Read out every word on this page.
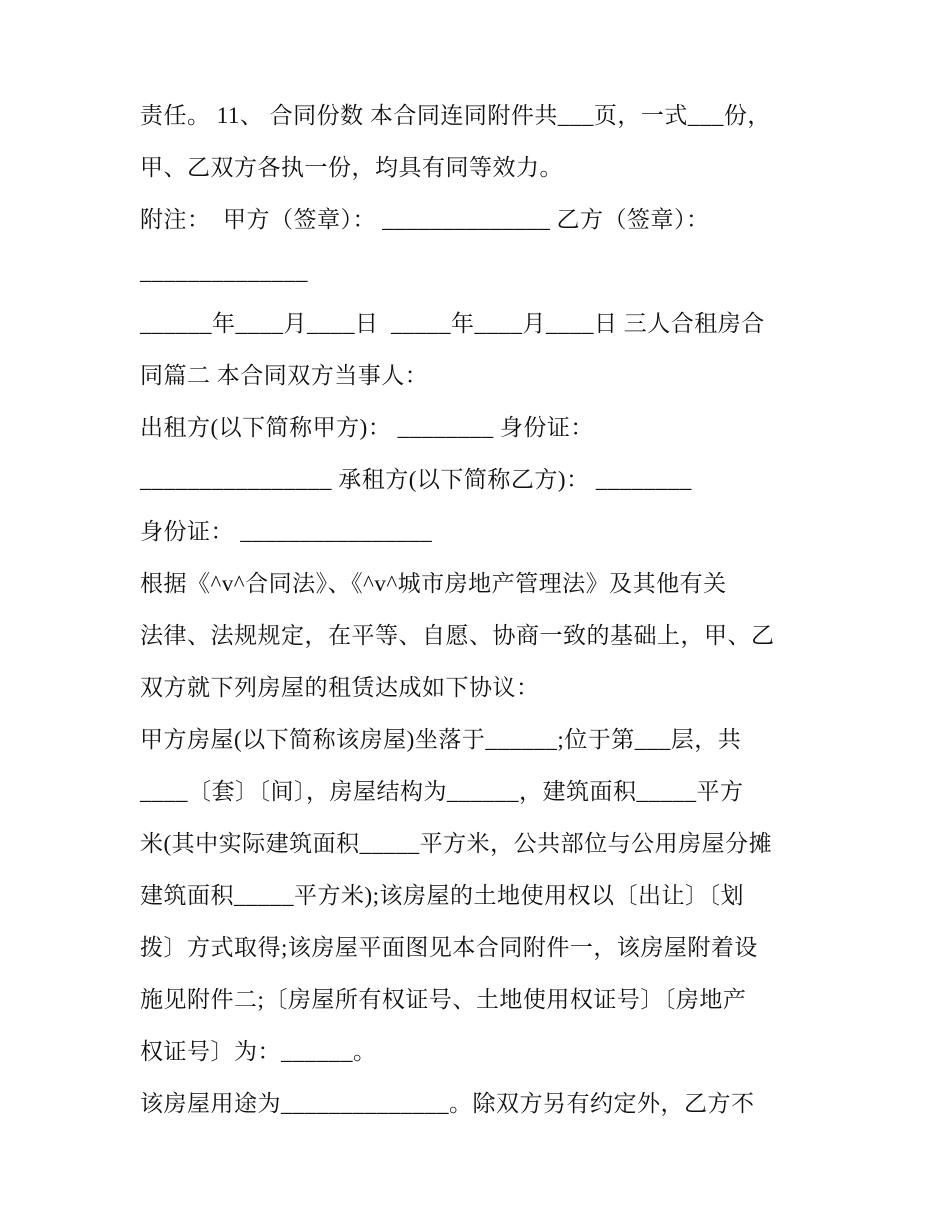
责任。 11、 合同份数 本合同连同附件共___页，一式___份，

甲、乙双方各执一份，均具有同等效力。

附注：  甲方（签章）： ______________ 乙方（签章）：

______________

______年____月____日  _____年____月____日 三人合租房合

同篇二 本合同双方当事人：

出租方(以下简称甲方)： ________ 身份证：

________________ 承租方(以下简称乙方)： ________

身份证： ________________

根据《^v^合同法》、《^v^城市房地产管理法》及其他有关

法律、法规规定，在平等、自愿、协商一致的基础上，甲、乙

双方就下列房屋的租赁达成如下协议：

甲方房屋(以下简称该房屋)坐落于______;位于第___层，共

____〔套〕〔间〕，房屋结构为______，建筑面积_____平方

米(其中实际建筑面积_____平方米，公共部位与公用房屋分摊

建筑面积_____平方米);该房屋的土地使用权以〔出让〕〔划

拨〕方式取得;该房屋平面图见本合同附件一，该房屋附着设

施见附件二;〔房屋所有权证号、土地使用权证号〕〔房地产

权证号〕为：______。

该房屋用途为______________。除双方另有约定外，乙方不
